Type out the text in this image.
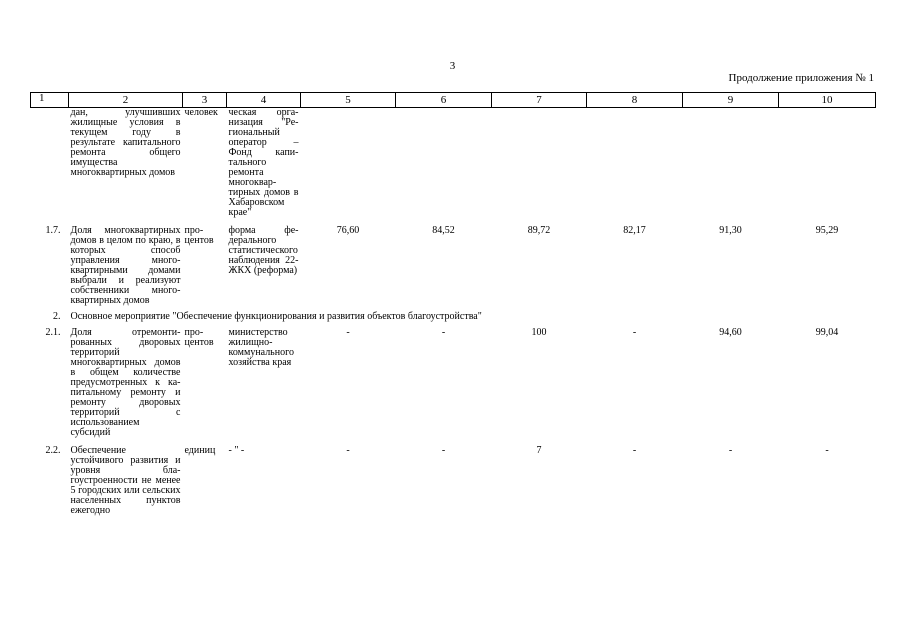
3
Продолжение приложения № 1
1	2	3	4	5	6	7	8	9	10
	дан, улучшивших жилищные условия в текущем году в результате капитального ремонта общего имущества многоквартирных домов	человек	ческая организация "Региональный оператор – Фонд капитального ремонта многоквартирных домов в Хабаровском крае"						
1.7.	Доля многоквартирных домов в целом по краю, в которых способ управления многоквартирными домами выбрали и реализуют собственники многоквартирных домов	процентов	форма федерального статистического наблюдения 22-ЖКХ (реформа)	76,60	84,52	89,72	82,17	91,30	95,29
2.	Основное мероприятие "Обеспечение функционирования и развития объектов благоустройства"								
2.1.	Доля отремонтированных дворовых территорий многоквартирных домов в общем количестве предусмотренных к капитальному ремонту и ремонту дворовых территорий с использованием субсидий	процентов	министерство жилищно-коммунального хозяйства края	-	-	100	-	94,60	99,04
2.2.	Обеспечение устойчивого развития и уровня благоустроенности не менее 5 городских или сельских населенных пунктов ежегодно	единиц	- " -	-	-	7	-	-	-
